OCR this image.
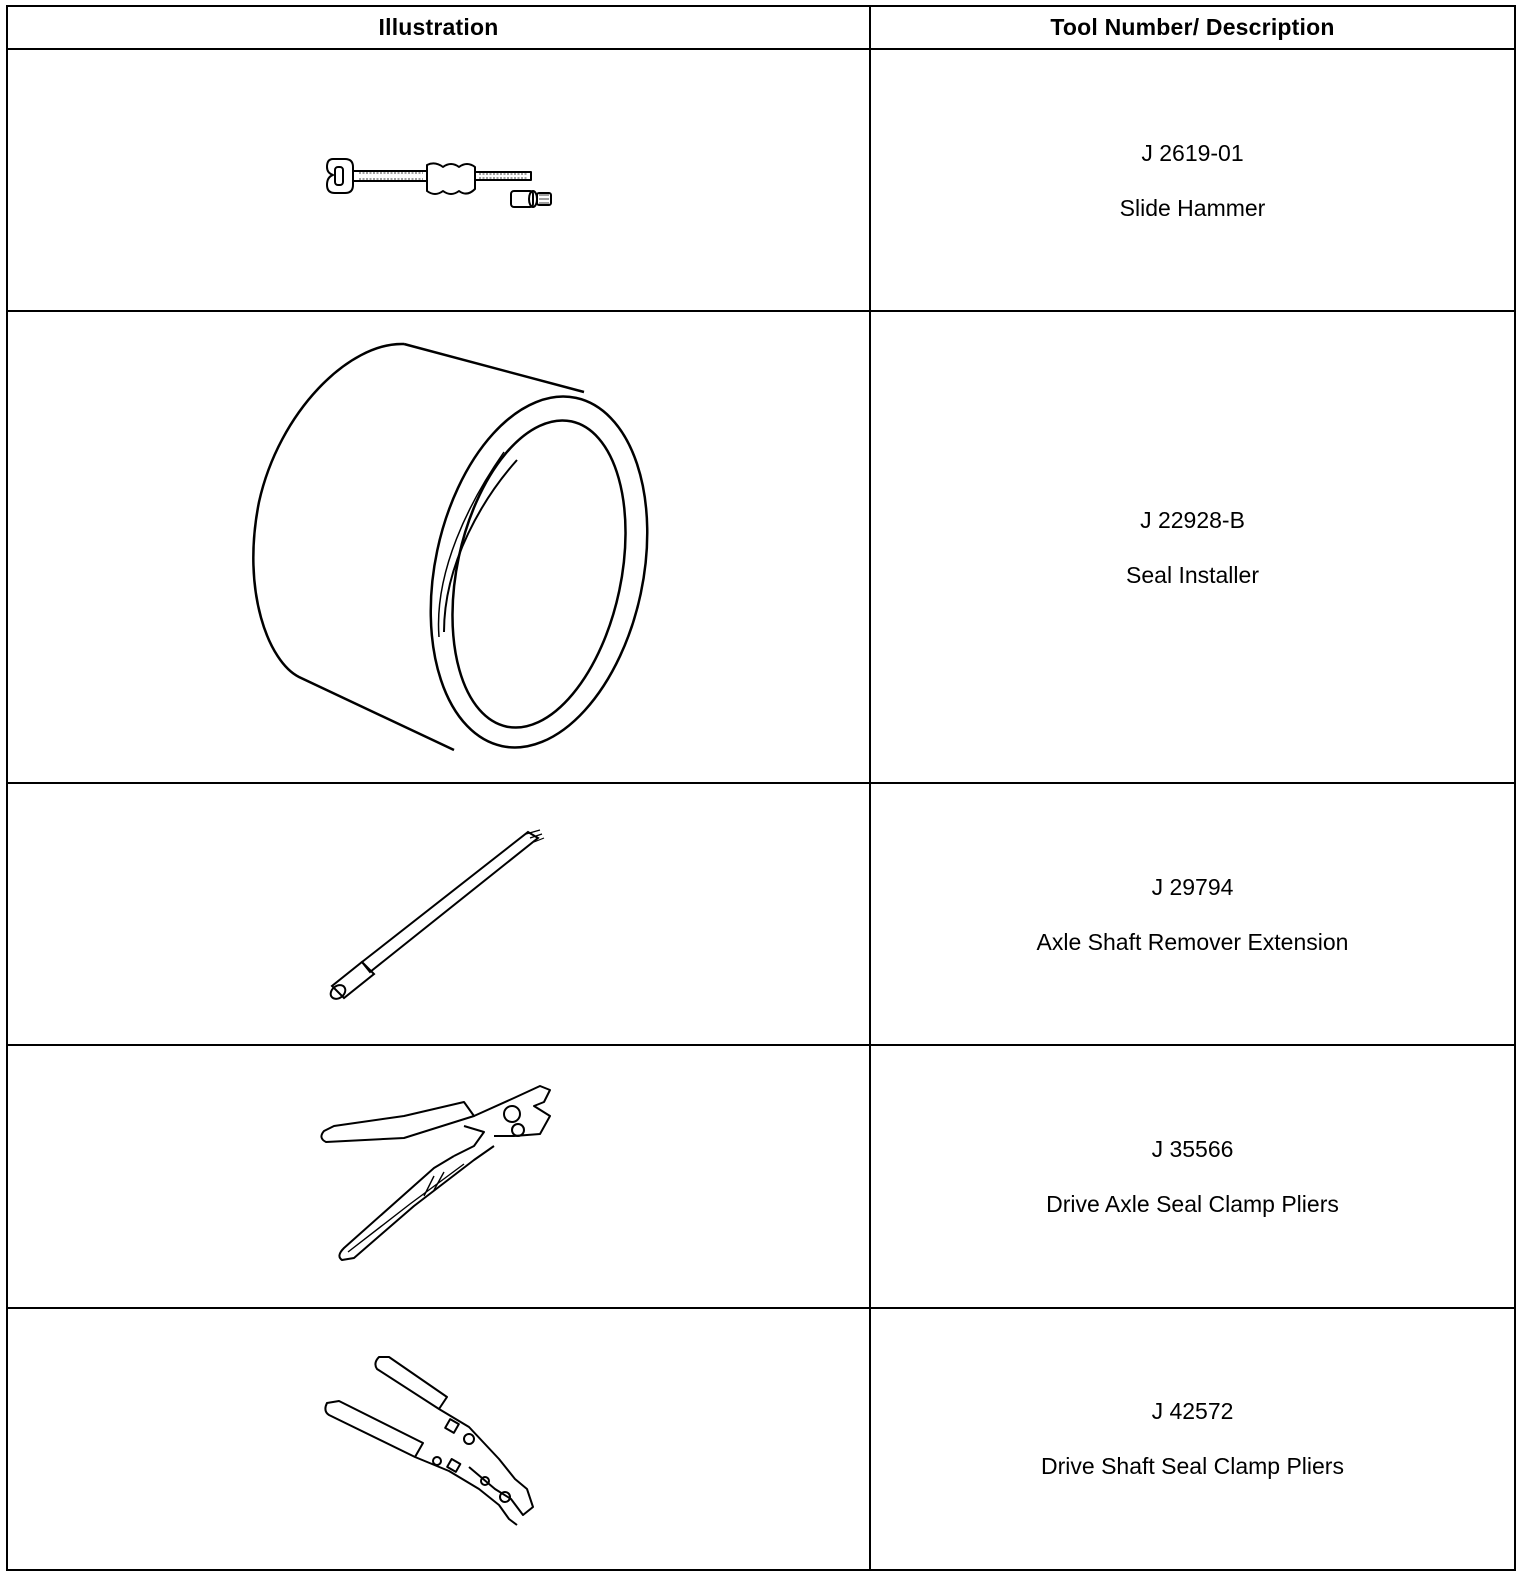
Illustration	Tool Number/ Description

J 2619-01
Slide Hammer

J 22928-B
Seal Installer

J 29794
Axle Shaft Remover Extension

J 35566
Drive Axle Seal Clamp Pliers

J 42572
Drive Shaft Seal Clamp Pliers
